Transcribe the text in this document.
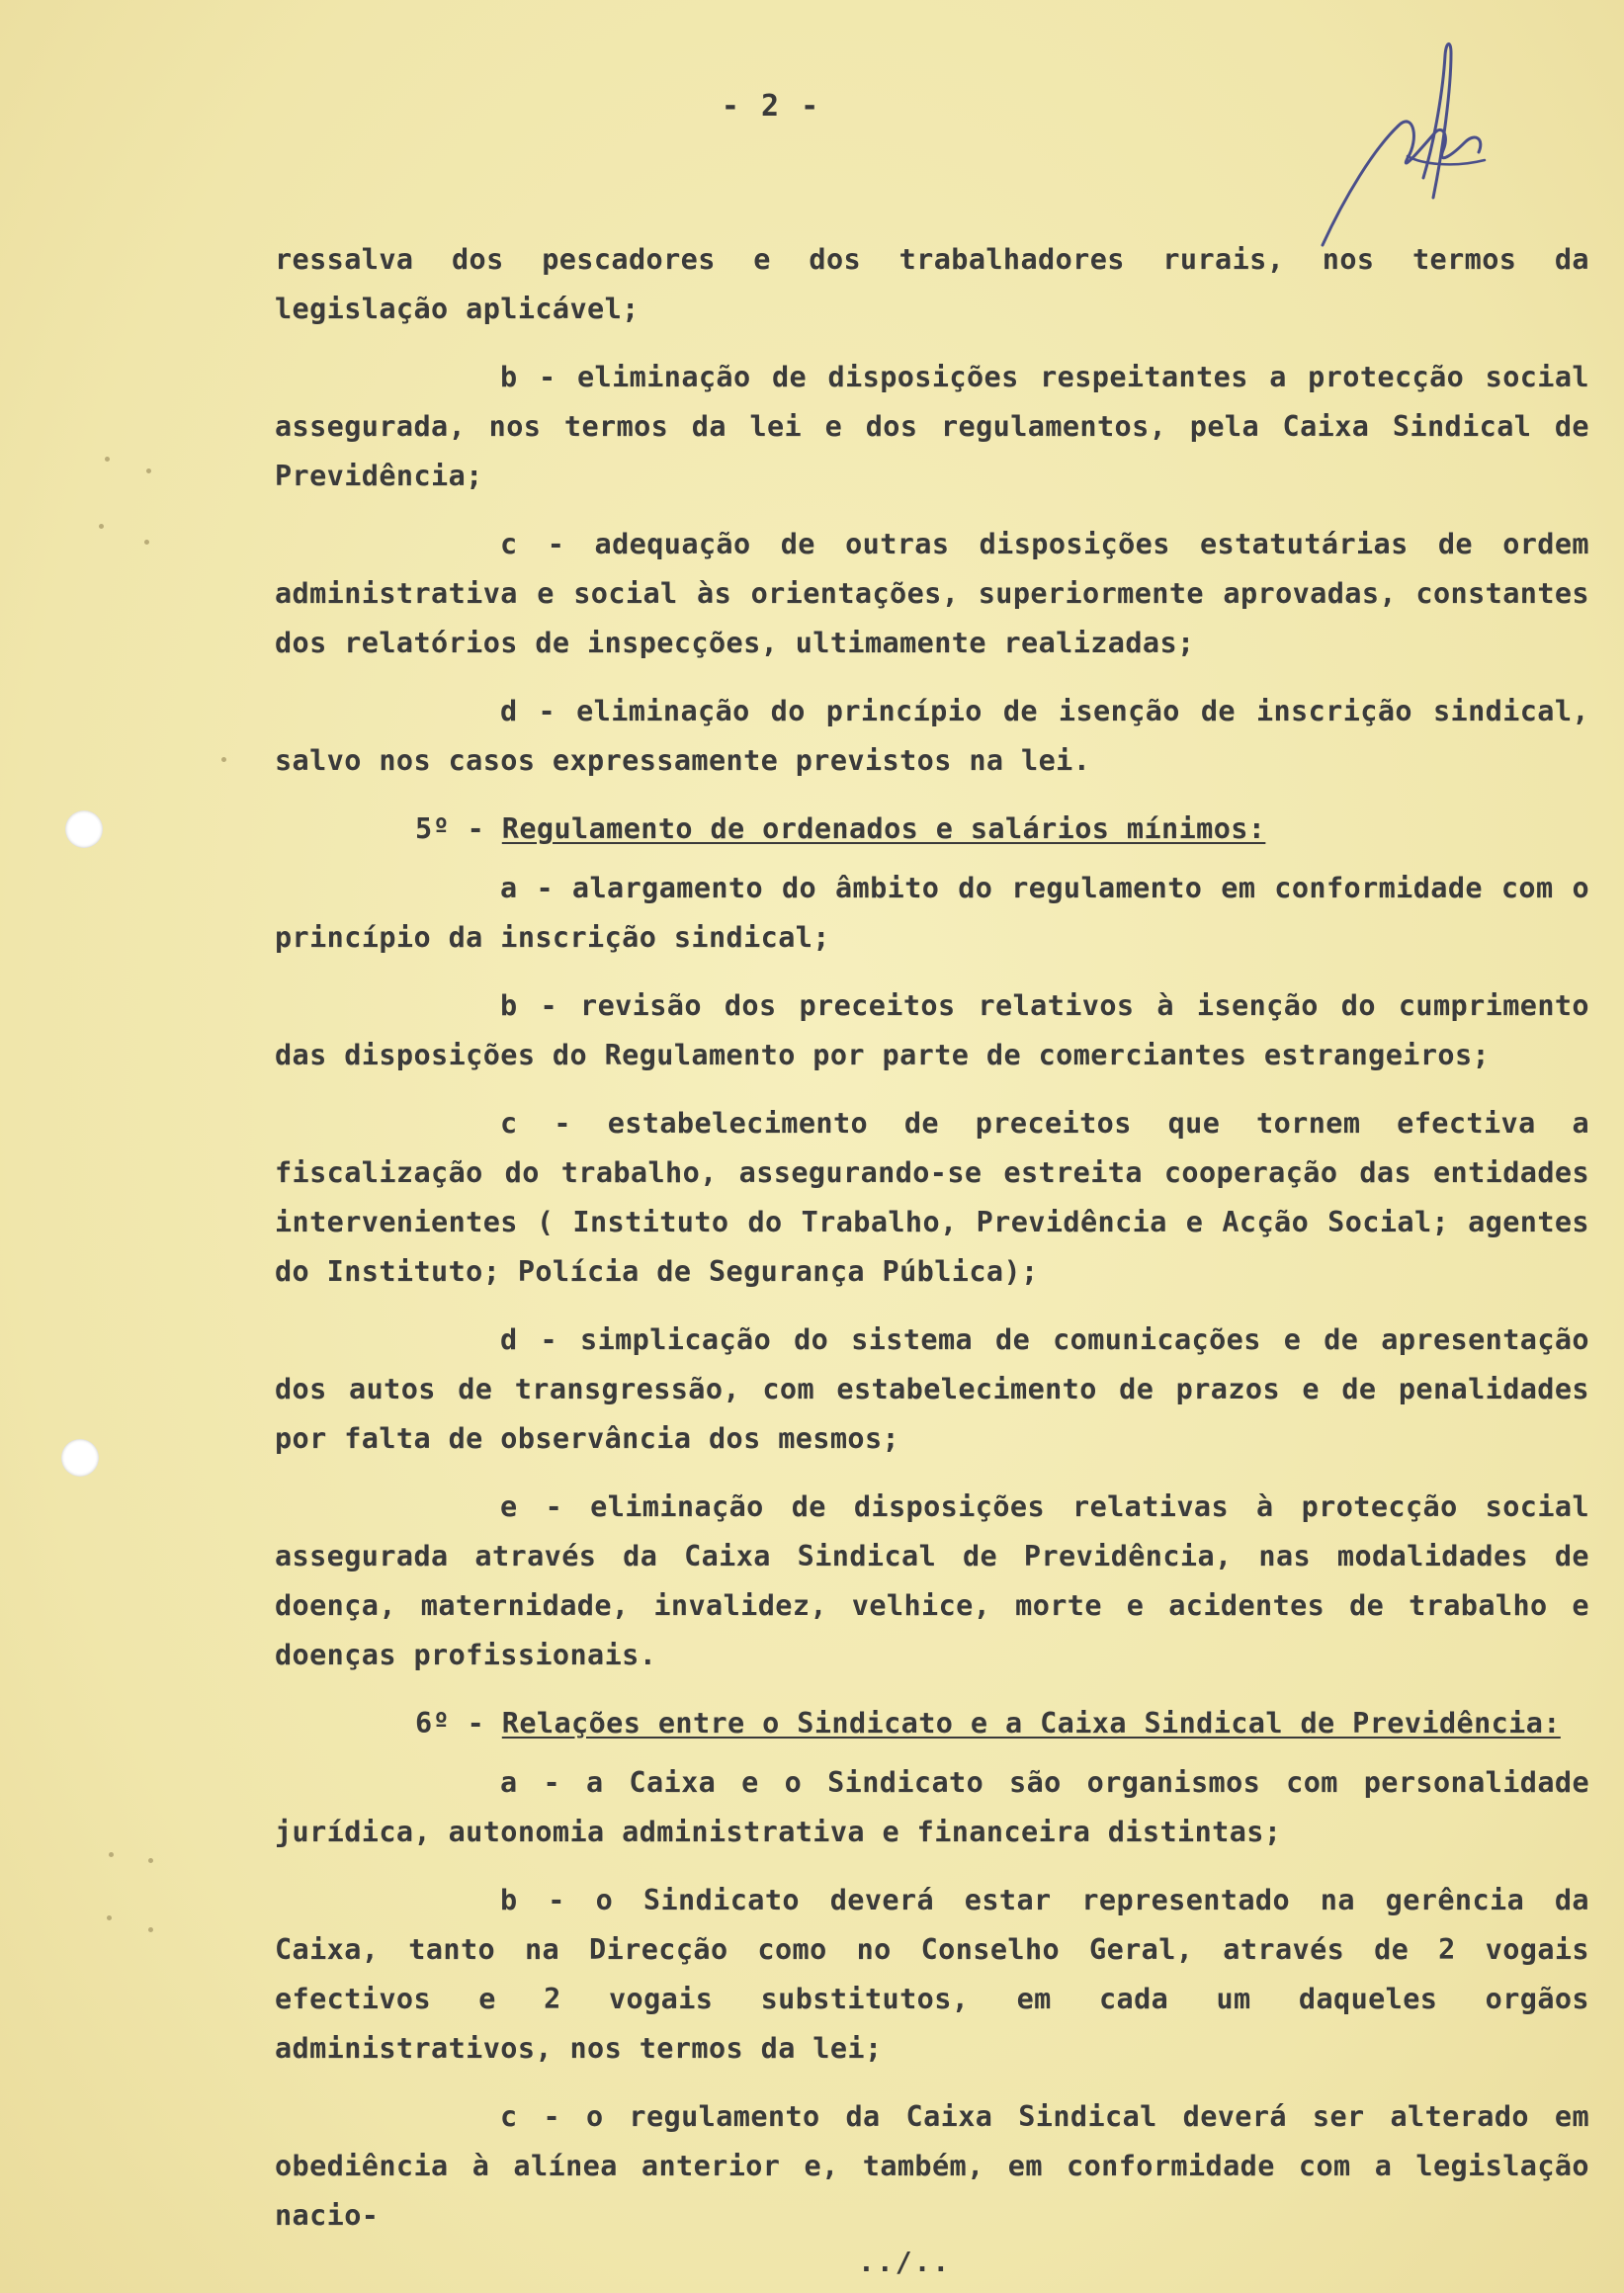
- 2 -

ressalva dos pescadores e dos trabalhadores rurais, nos termos da legislação aplicável;

b - eliminação de disposições respeitantes a protecção social assegurada, nos termos da lei e dos regulamentos, pela Caixa Sindical de Previdência;

c - adequação de outras disposições estatutárias de ordem administrativa e social às orientações, superiormente aprovadas, constantes dos relatórios de inspecções, ultimamente realizadas;

d - eliminação do princípio de isenção de inscrição sindical, salvo nos casos expressamente previstos na lei.

5º - Regulamento de ordenados e salários mínimos:

a - alargamento do âmbito do regulamento em conformidade com o princípio da inscrição sindical;

b - revisão dos preceitos relativos à isenção do cumprimento das disposições do Regulamento por parte de comerciantes estrangeiros;

c - estabelecimento de preceitos que tornem efectiva a fiscalização do trabalho, assegurando-se estreita cooperação das entidades intervenientes ( Instituto do Trabalho, Previdência e Acção Social; agentes do Instituto; Polícia de Segurança Pública);

d - simplicação do sistema de comunicações e de apresentação dos autos de transgressão, com estabelecimento de prazos e de penalidades por falta de observância dos mesmos;

e - eliminação de disposições relativas à protecção social assegurada através da Caixa Sindical de Previdência, nas modalidades de doença, maternidade, invalidez, velhice, morte e acidentes de trabalho e doenças profissionais.

6º - Relações entre o Sindicato e a Caixa Sindical de Previdência:

a - a Caixa e o Sindicato são organismos com personalidade jurídica, autonomia administrativa e financeira distintas;

b - o Sindicato deverá estar representado na gerência da Caixa, tanto na Direcção como no Conselho Geral, através de 2 vogais efectivos e 2 vogais substitutos, em cada um daqueles orgãos administrativos, nos termos da lei;

c - o regulamento da Caixa Sindical deverá ser alterado em obediência à alínea anterior e, também, em conformidade com a legislação nacio-

../..
